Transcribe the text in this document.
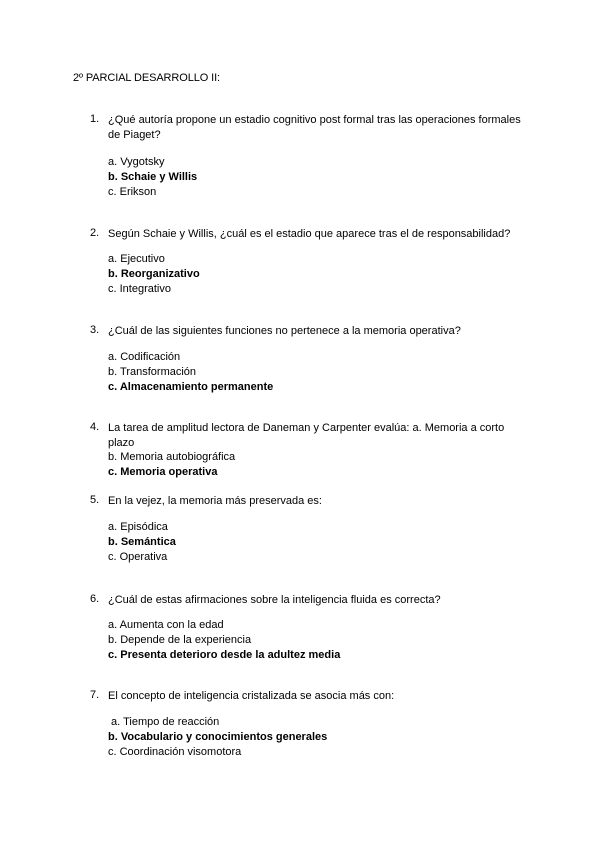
2º PARCIAL DESARROLLO II:
1. ¿Qué autoría propone un estadio cognitivo post formal tras las operaciones formales de Piaget?
a. Vygotsky
b. Schaie y Willis
c. Erikson
2. Según Schaie y Willis, ¿cuál es el estadio que aparece tras el de responsabilidad?
a. Ejecutivo
b. Reorganizativo
c. Integrativo
3. ¿Cuál de las siguientes funciones no pertenece a la memoria operativa?
a. Codificación
b. Transformación
c. Almacenamiento permanente
4. La tarea de amplitud lectora de Daneman y Carpenter evalúa: a. Memoria a corto plazo
b. Memoria autobiográfica
c. Memoria operativa
5. En la vejez, la memoria más preservada es:
a. Episódica
b. Semántica
c. Operativa
6. ¿Cuál de estas afirmaciones sobre la inteligencia fluida es correcta?
a. Aumenta con la edad
b. Depende de la experiencia
c. Presenta deterioro desde la adultez media
7. El concepto de inteligencia cristalizada se asocia más con:
a. Tiempo de reacción
b. Vocabulario y conocimientos generales
c. Coordinación visomotora
